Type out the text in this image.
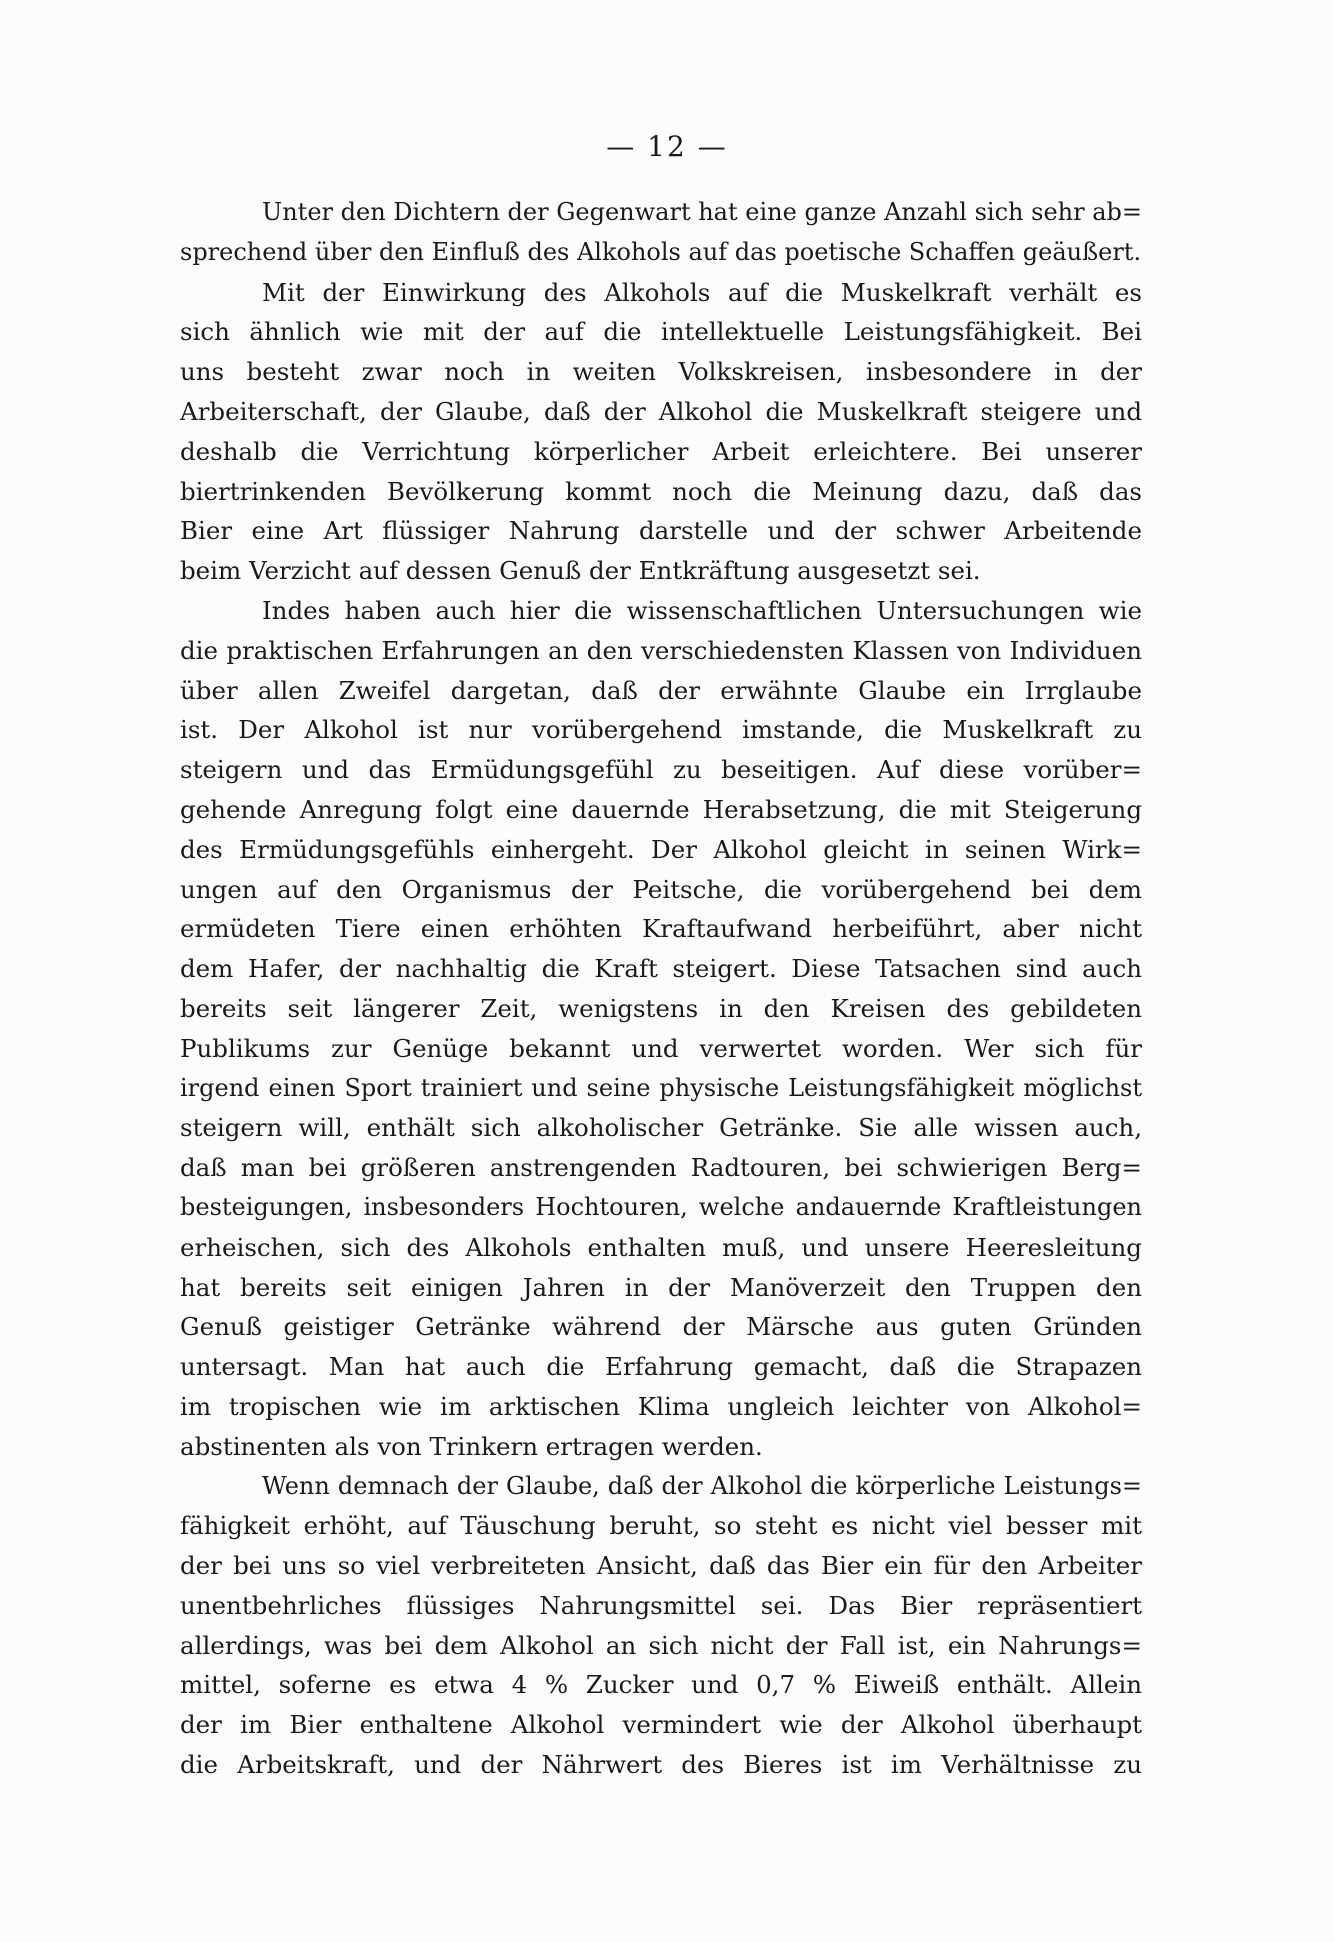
— 12 —
Unter den Dichtern der Gegenwart hat eine ganze Anzahl sich sehr ab=
sprechend über den Einfluß des Alkohols auf das poetische Schaffen geäußert.
Mit der Einwirkung des Alkohols auf die Muskelkraft verhält es
sich ähnlich wie mit der auf die intellektuelle Leistungsfähigkeit. Bei
uns besteht zwar noch in weiten Volkskreisen, insbesondere in der
Arbeiterschaft, der Glaube, daß der Alkohol die Muskelkraft steigere und
deshalb die Verrichtung körperlicher Arbeit erleichtere. Bei unserer
biertrinkenden Bevölkerung kommt noch die Meinung dazu, daß das
Bier eine Art flüssiger Nahrung darstelle und der schwer Arbeitende
beim Verzicht auf dessen Genuß der Entkräftung ausgesetzt sei.
Indes haben auch hier die wissenschaftlichen Untersuchungen wie
die praktischen Erfahrungen an den verschiedensten Klassen von Individuen
über allen Zweifel dargetan, daß der erwähnte Glaube ein Irrglaube
ist. Der Alkohol ist nur vorübergehend imstande, die Muskelkraft zu
steigern und das Ermüdungsgefühl zu beseitigen. Auf diese vorüber=
gehende Anregung folgt eine dauernde Herabsetzung, die mit Steigerung
des Ermüdungsgefühls einhergeht. Der Alkohol gleicht in seinen Wirk=
ungen auf den Organismus der Peitsche, die vorübergehend bei dem
ermüdeten Tiere einen erhöhten Kraftaufwand herbeiführt, aber nicht
dem Hafer, der nachhaltig die Kraft steigert. Diese Tatsachen sind auch
bereits seit längerer Zeit, wenigstens in den Kreisen des gebildeten
Publikums zur Genüge bekannt und verwertet worden. Wer sich für
irgend einen Sport trainiert und seine physische Leistungsfähigkeit möglichst
steigern will, enthält sich alkoholischer Getränke. Sie alle wissen auch,
daß man bei größeren anstrengenden Radtouren, bei schwierigen Berg=
besteigungen, insbesonders Hochtouren, welche andauernde Kraftleistungen
erheischen, sich des Alkohols enthalten muß, und unsere Heeresleitung
hat bereits seit einigen Jahren in der Manöverzeit den Truppen den
Genuß geistiger Getränke während der Märsche aus guten Gründen
untersagt. Man hat auch die Erfahrung gemacht, daß die Strapazen
im tropischen wie im arktischen Klima ungleich leichter von Alkohol=
abstinenten als von Trinkern ertragen werden.
Wenn demnach der Glaube, daß der Alkohol die körperliche Leistungs=
fähigkeit erhöht, auf Täuschung beruht, so steht es nicht viel besser mit
der bei uns so viel verbreiteten Ansicht, daß das Bier ein für den Arbeiter
unentbehrliches flüssiges Nahrungsmittel sei. Das Bier repräsentiert
allerdings, was bei dem Alkohol an sich nicht der Fall ist, ein Nahrungs=
mittel, soferne es etwa 4 % Zucker und 0,7 % Eiweiß enthält. Allein
der im Bier enthaltene Alkohol vermindert wie der Alkohol überhaupt
die Arbeitskraft, und der Nährwert des Bieres ist im Verhältnisse zu
